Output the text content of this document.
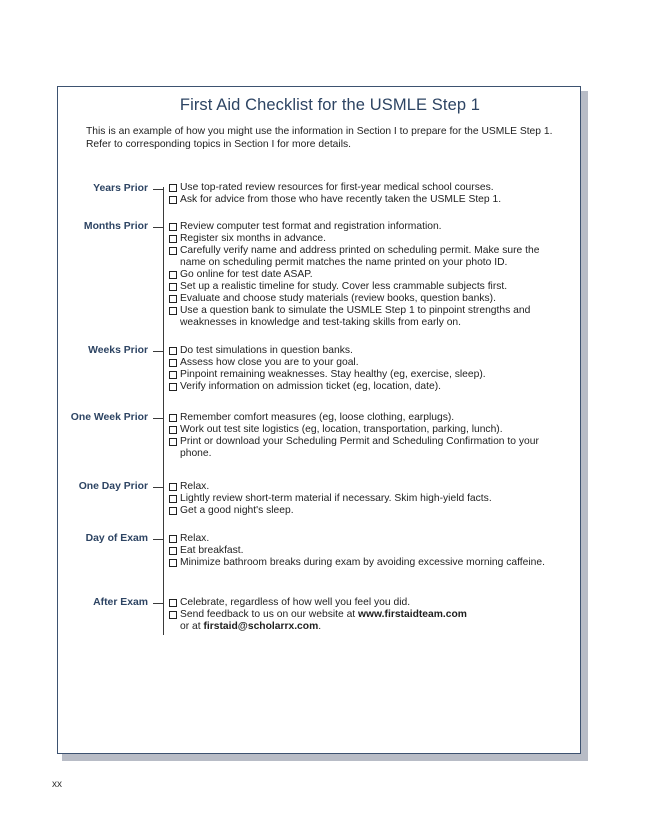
First Aid Checklist for the USMLE Step 1
This is an example of how you might use the information in Section I to prepare for the USMLE Step 1. Refer to corresponding topics in Section I for more details.
Years Prior	Use top-rated review resources for first-year medical school courses.
Ask for advice from those who have recently taken the USMLE Step 1.
Months Prior	Review computer test format and registration information.
Register six months in advance.
Carefully verify name and address printed on scheduling permit. Make sure the name on scheduling permit matches the name printed on your photo ID.
Go online for test date ASAP.
Set up a realistic timeline for study. Cover less crammable subjects first.
Evaluate and choose study materials (review books, question banks).
Use a question bank to simulate the USMLE Step 1 to pinpoint strengths and weaknesses in knowledge and test-taking skills from early on.
Weeks Prior	Do test simulations in question banks.
Assess how close you are to your goal.
Pinpoint remaining weaknesses. Stay healthy (eg, exercise, sleep).
Verify information on admission ticket (eg, location, date).
One Week Prior	Remember comfort measures (eg, loose clothing, earplugs).
Work out test site logistics (eg, location, transportation, parking, lunch).
Print or download your Scheduling Permit and Scheduling Confirmation to your phone.
One Day Prior	Relax.
Lightly review short-term material if necessary. Skim high-yield facts.
Get a good night's sleep.
Day of Exam	Relax.
Eat breakfast.
Minimize bathroom breaks during exam by avoiding excessive morning caffeine.
After Exam	Celebrate, regardless of how well you feel you did.
Send feedback to us on our website at www.firstaidteam.com
or at firstaid@scholarrx.com.
xx
